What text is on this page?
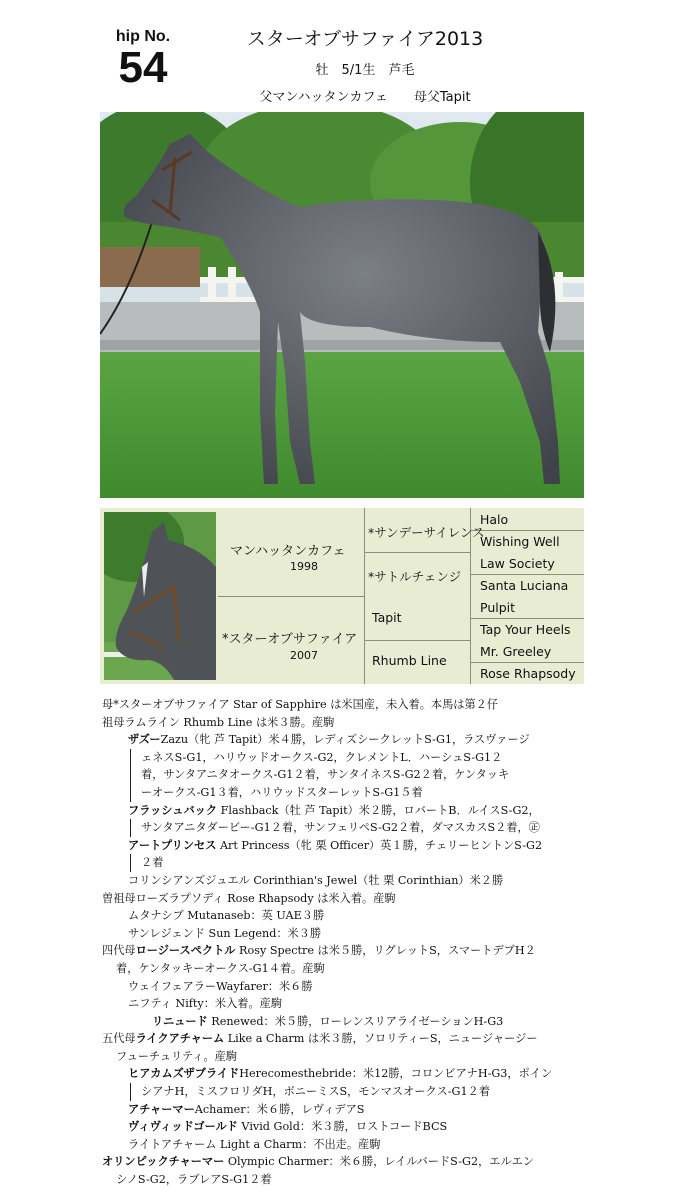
hip No.
54
スターオブサファイア2013
牡　5/1生　芦毛
父マンハッタンカフェ　　母父Tapit
マンハッタンカフェ
1998
*スターオブサファイア
2007
*サンデーサイレンス
*サトルチェンジ
Tapit
Rhumb Line
Halo
Wishing Well
Law Society
Santa Luciana
Pulpit
Tap Your Heels
Mr. Greeley
Rose Rhapsody
母*スターオブサファイア Star of Sapphire は米国産，未入着。本馬は第２仔
祖母ラムライン Rhumb Line は米３勝。産駒
ザズーZazu（牝 芦 Tapit）米４勝，レディズシークレットS-G1，ラスヴァージ
ェネスS-G1，ハリウッドオークス-G2，クレメントL．ハーシュS-G1２
着，サンタアニタオークス-G1２着，サンタイネスS-G2２着，ケンタッキ
ーオークス-G1３着，ハリウッドスターレットS-G1５着
フラッシュバック Flashback（牡 芦 Tapit）米２勝，ロバートB．ルイスS-G2，
サンタアニタダービー-G1２着，サンフェリペS-G2２着，ダマスカスS２着，㊣
アートプリンセス Art Princess（牝 栗 Officer）英１勝，チェリーヒントンS-G2
２着
コリンシアンズジュエル Corinthian's Jewel（牡 栗 Corinthian）米２勝
曽祖母ローズラプソディ Rose Rhapsody は米入着。産駒
ムタナシブ Mutanaseb：英 UAE３勝
サンレジェンド Sun Legend：米３勝
四代母ロージースペクトル Rosy Spectre は米５勝，リグレットS，スマートデブH２
着，ケンタッキーオークス-G1４着。産駒
ウェイフェアラーWayfarer：米６勝
ニフティ Nifty：米入着。産駒
リニュード Renewed：米５勝，ローレンスリアライゼーションH-G3
五代母ライクアチャーム Like a Charm は米３勝，ソロリティーS，ニュージャージー
フューチュリティ。産駒
ヒアカムズザブライドHerecomesthebride：米12勝，コロンビアナH-G3，ポイン
シアナH，ミスフロリダH，ボニーミスS，モンマスオークス-G1２着
アチャーマーAchamer：米６勝，レヴィデアS
ヴィヴィッドゴールド Vivid Gold：米３勝，ロストコードBCS
ライトアチャーム Light a Charm：不出走。産駒
オリンピックチャーマー Olympic Charmer：米６勝，レイルバードS-G2，エルエン
シノS-G2，ラブレアS-G1２着
